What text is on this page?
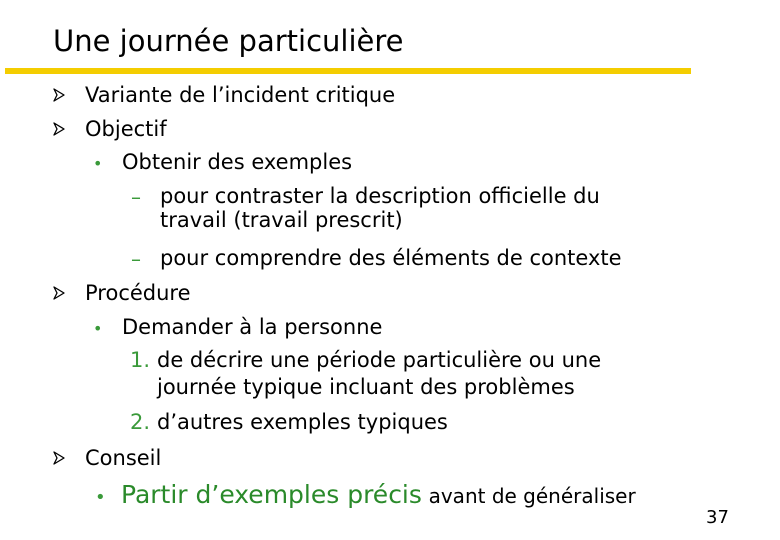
Une journée particulière
Variante de l’incident critique
Objectif
• Obtenir des exemples
– pour contraster la description officielle du
travail (travail prescrit)
– pour comprendre des éléments de contexte
Procédure
• Demander à la personne
1. de décrire une période particulière ou une
journée typique incluant des problèmes
2. d’autres exemples typiques
Conseil
• Partir d’exemples précis avant de généraliser
37
